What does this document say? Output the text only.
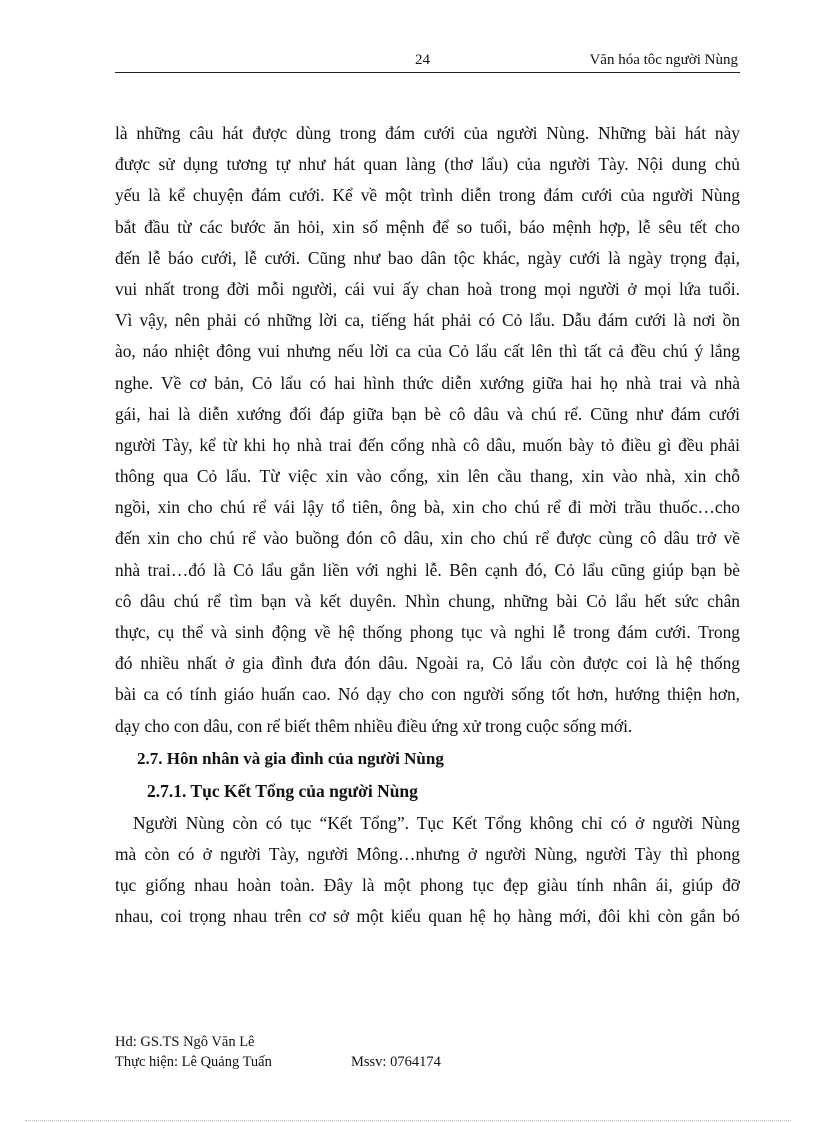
24	Văn hóa tôc người Nùng
là những câu hát được dùng trong đám cưới của người Nùng. Những bài hát này
được sử dụng tương tự như hát quan làng (thơ lẩu) của người Tày. Nội dung chủ
yếu là kể chuyện đám cưới. Kể về một trình diễn trong đám cưới của người Nùng
bắt đầu từ các bước ăn hỏi, xin số mệnh để so tuổi, báo mệnh hợp, lễ sêu tết cho
đến lễ báo cưới, lễ cưới. Cũng như bao dân tộc khác, ngày cưới là ngày trọng đại,
vui nhất trong đời mỗi người, cái vui ấy chan hoà trong mọi người ở mọi lứa tuổi.
Vì vậy, nên phải có những lời ca, tiếng hát phải có Cỏ lẩu. Dẫu đám cưới là nơi ồn
ào, náo nhiệt đông vui nhưng nếu lời ca của Cỏ lẩu cất lên thì tất cả đều chú ý lắng
nghe. Về cơ bản, Cỏ lẩu có hai hình thức diễn xướng giữa hai họ nhà trai và nhà
gái, hai là diễn xướng đối đáp giữa bạn bè cô dâu và chú rể. Cũng như đám cưới
người Tày, kể từ khi họ nhà trai đến cổng nhà cô dâu, muốn bày tỏ điều gì đều phải
thông qua Cỏ lẩu. Từ việc xin vào cổng, xin lên cầu thang, xin vào nhà, xin chỗ
ngồi, xin cho chú rể vái lậy tổ tiên, ông bà, xin cho chú rể đi mời trầu thuốc…cho
đến xin cho chú rể vào buồng đón cô dâu, xin cho chú rể được cùng cô dâu trở về
nhà trai…đó là Cỏ lẩu gắn liền với nghi lễ. Bên cạnh đó, Cỏ lẩu cũng giúp bạn bè
cô dâu chú rể tìm bạn và kết duyên. Nhìn chung, những bài Cỏ lẩu hết sức chân
thực, cụ thể và sinh động về hệ thống phong tục và nghi lễ trong đám cưới. Trong
đó nhiều nhất ở gia đình đưa đón dâu. Ngoài ra, Cỏ lẩu còn được coi là hệ thống
bài ca có tính giáo huấn cao. Nó dạy cho con người sống tốt hơn, hướng thiện hơn,
dạy cho con dâu, con rể biết thêm nhiều điều ứng xử trong cuộc sống mới.
2.7. Hôn nhân và gia đình của người Nùng
2.7.1. Tục Kết Tổng của người Nùng
Người Nùng còn có tục “Kết Tổng”. Tục Kết Tổng không chỉ có ở người Nùng
mà còn có ở người Tày, người Mông…nhưng ở người Nùng, người Tày thì phong
tục giống nhau hoàn toàn. Đây là một phong tục đẹp giàu tính nhân ái, giúp đỡ
nhau, coi trọng nhau trên cơ sở một kiểu quan hệ họ hàng mới, đôi khi còn gắn bó
Hd: GS.TS Ngô Văn Lê
Thực hiện: Lê Quảng Tuấn	Mssv: 0764174
